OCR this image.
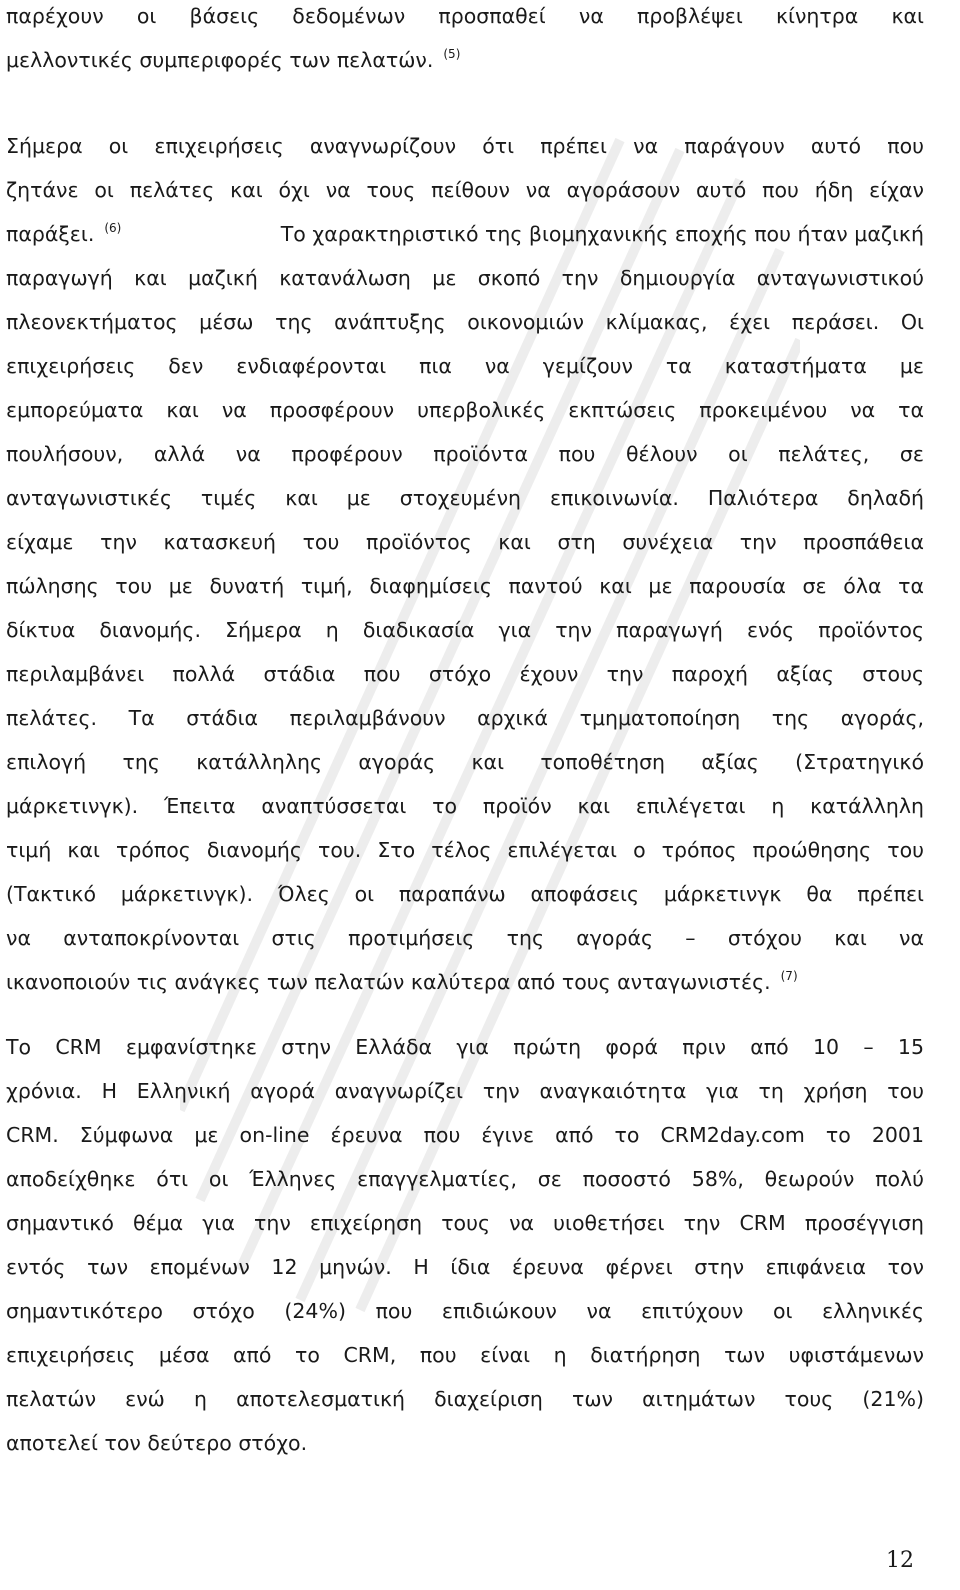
παρέχουν οι βάσεις δεδομένων προσπαθεί να προβλέψει κίνητρα και
μελλοντικές συμπεριφορές των πελατών. $^{(5)}$
Σήμερα οι επιχειρήσεις αναγνωρίζουν ότι πρέπει να παράγουν αυτό που
ζητάνε οι πελάτες και όχι να τους πείθουν να αγοράσουν αυτό που ήδη είχαν
παράξει. $^{(6)}$	Το χαρακτηριστικό της βιομηχανικής εποχής που ήταν μαζική
παραγωγή και μαζική κατανάλωση με σκοπό την δημιουργία ανταγωνιστικού
πλεονεκτήματος μέσω της ανάπτυξης οικονομιών κλίμακας, έχει περάσει. Οι
επιχειρήσεις δεν ενδιαφέρονται πια να γεμίζουν τα καταστήματα με
εμπορεύματα και να προσφέρουν υπερβολικές εκπτώσεις προκειμένου να τα
πουλήσουν, αλλά να προφέρουν προϊόντα που θέλουν οι πελάτες, σε
ανταγωνιστικές τιμές και με στοχευμένη επικοινωνία. Παλιότερα δηλαδή
είχαμε την κατασκευή του προϊόντος και στη συνέχεια την προσπάθεια
πώλησης του με δυνατή τιμή, διαφημίσεις παντού και με παρουσία σε όλα τα
δίκτυα διανομής. Σήμερα η διαδικασία για την παραγωγή ενός προϊόντος
περιλαμβάνει πολλά στάδια που στόχο έχουν την παροχή αξίας στους
πελάτες. Τα στάδια περιλαμβάνουν αρχικά τμηματοποίηση της αγοράς,
επιλογή της κατάλληλης αγοράς και τοποθέτηση αξίας (Στρατηγικό
μάρκετινγκ). Έπειτα αναπτύσσεται το προϊόν και επιλέγεται η κατάλληλη
τιμή και τρόπος διανομής του. Στο τέλος επιλέγεται ο τρόπος προώθησης του
(Τακτικό μάρκετινγκ). Όλες οι παραπάνω αποφάσεις μάρκετινγκ θα πρέπει
να ανταποκρίνονται στις προτιμήσεις της αγοράς – στόχου και να
ικανοποιούν τις ανάγκες των πελατών καλύτερα από τους ανταγωνιστές. $^{(7)}$
Το CRM εμφανίστηκε στην Ελλάδα για πρώτη φορά πριν από 10 – 15
χρόνια. Η Ελληνική αγορά αναγνωρίζει την αναγκαιότητα για τη χρήση του
CRM. Σύμφωνα με on-line έρευνα που έγινε από το CRM2day.com το 2001
αποδείχθηκε ότι οι Έλληνες επαγγελματίες, σε ποσοστό 58%, θεωρούν πολύ
σημαντικό θέμα για την επιχείρηση τους να υιοθετήσει την CRM προσέγγιση
εντός των επομένων 12 μηνών. Η ίδια έρευνα φέρνει στην επιφάνεια τον
σημαντικότερο στόχο (24%) που επιδιώκουν να επιτύχουν οι ελληνικές
επιχειρήσεις μέσα από το CRM, που είναι η διατήρηση των υφιστάμενων
πελατών ενώ η αποτελεσματική διαχείριση των αιτημάτων τους (21%)
αποτελεί τον δεύτερο στόχο.
12
